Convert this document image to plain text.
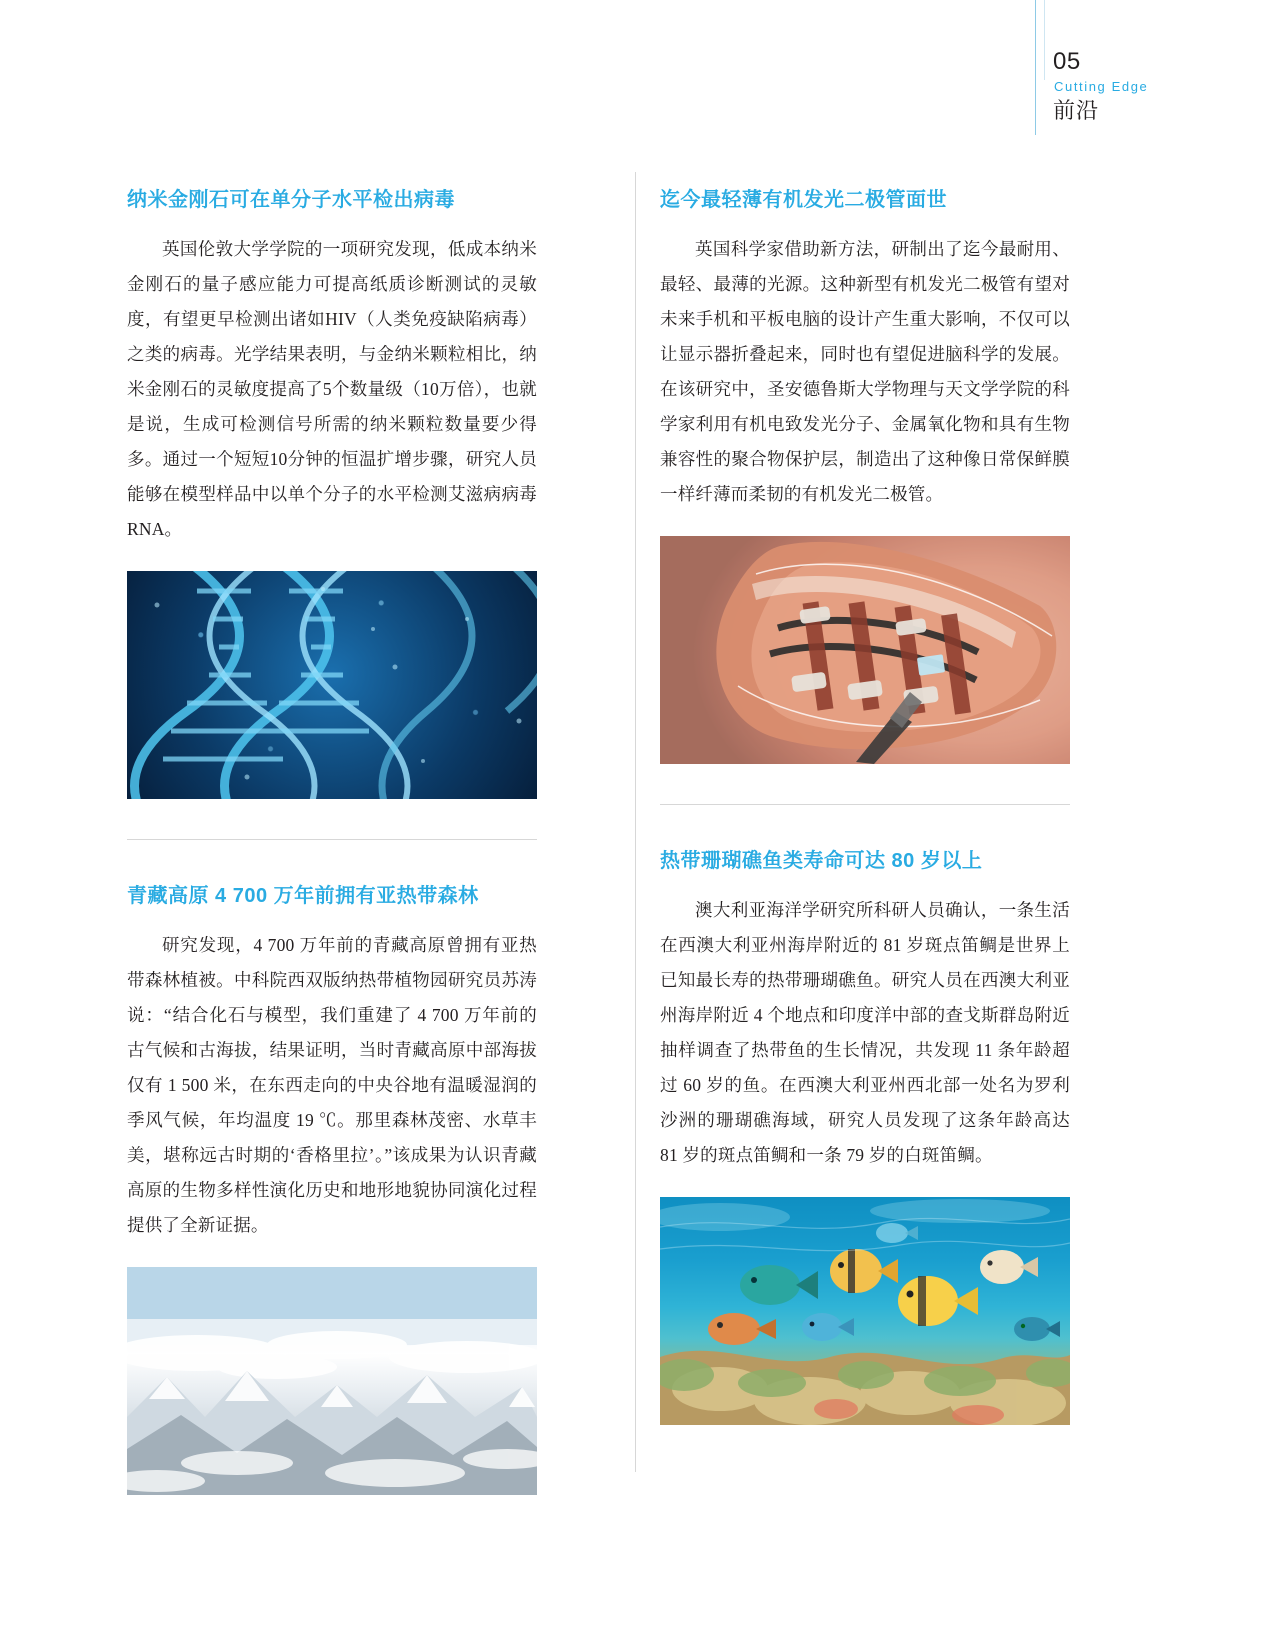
05
Cutting Edge
前沿
纳米金刚石可在单分子水平检出病毒

英国伦敦大学学院的一项研究发现，低成本纳米金刚石的量子感应能力可提高纸质诊断测试的灵敏度，有望更早检测出诸如HIV（人类免疫缺陷病毒）之类的病毒。光学结果表明，与金纳米颗粒相比，纳米金刚石的灵敏度提高了5个数量级（10万倍），也就是说，生成可检测信号所需的纳米颗粒数量要少得多。通过一个短短10分钟的恒温扩增步骤，研究人员能够在模型样品中以单个分子的水平检测艾滋病病毒RNA。

青藏高原 4 700 万年前拥有亚热带森林

研究发现，4 700 万年前的青藏高原曾拥有亚热带森林植被。中科院西双版纳热带植物园研究员苏涛说：“结合化石与模型，我们重建了 4 700 万年前的古气候和古海拔，结果证明，当时青藏高原中部海拔仅有 1 500 米，在东西走向的中央谷地有温暖湿润的季风气候，年均温度 19 ℃。那里森林茂密、水草丰美，堪称远古时期的‘香格里拉’。”该成果为认识青藏高原的生物多样性演化历史和地形地貌协同演化过程提供了全新证据。

迄今最轻薄有机发光二极管面世

英国科学家借助新方法，研制出了迄今最耐用、最轻、最薄的光源。这种新型有机发光二极管有望对未来手机和平板电脑的设计产生重大影响，不仅可以让显示器折叠起来，同时也有望促进脑科学的发展。在该研究中，圣安德鲁斯大学物理与天文学学院的科学家利用有机电致发光分子、金属氧化物和具有生物兼容性的聚合物保护层，制造出了这种像日常保鲜膜一样纤薄而柔韧的有机发光二极管。

热带珊瑚礁鱼类寿命可达 80 岁以上

澳大利亚海洋学研究所科研人员确认，一条生活在西澳大利亚州海岸附近的 81 岁斑点笛鲷是世界上已知最长寿的热带珊瑚礁鱼。研究人员在西澳大利亚州海岸附近 4 个地点和印度洋中部的查戈斯群岛附近抽样调查了热带鱼的生长情况，共发现 11 条年龄超过 60 岁的鱼。在西澳大利亚州西北部一处名为罗利沙洲的珊瑚礁海域，研究人员发现了这条年龄高达 81 岁的斑点笛鲷和一条 79 岁的白斑笛鲷。
